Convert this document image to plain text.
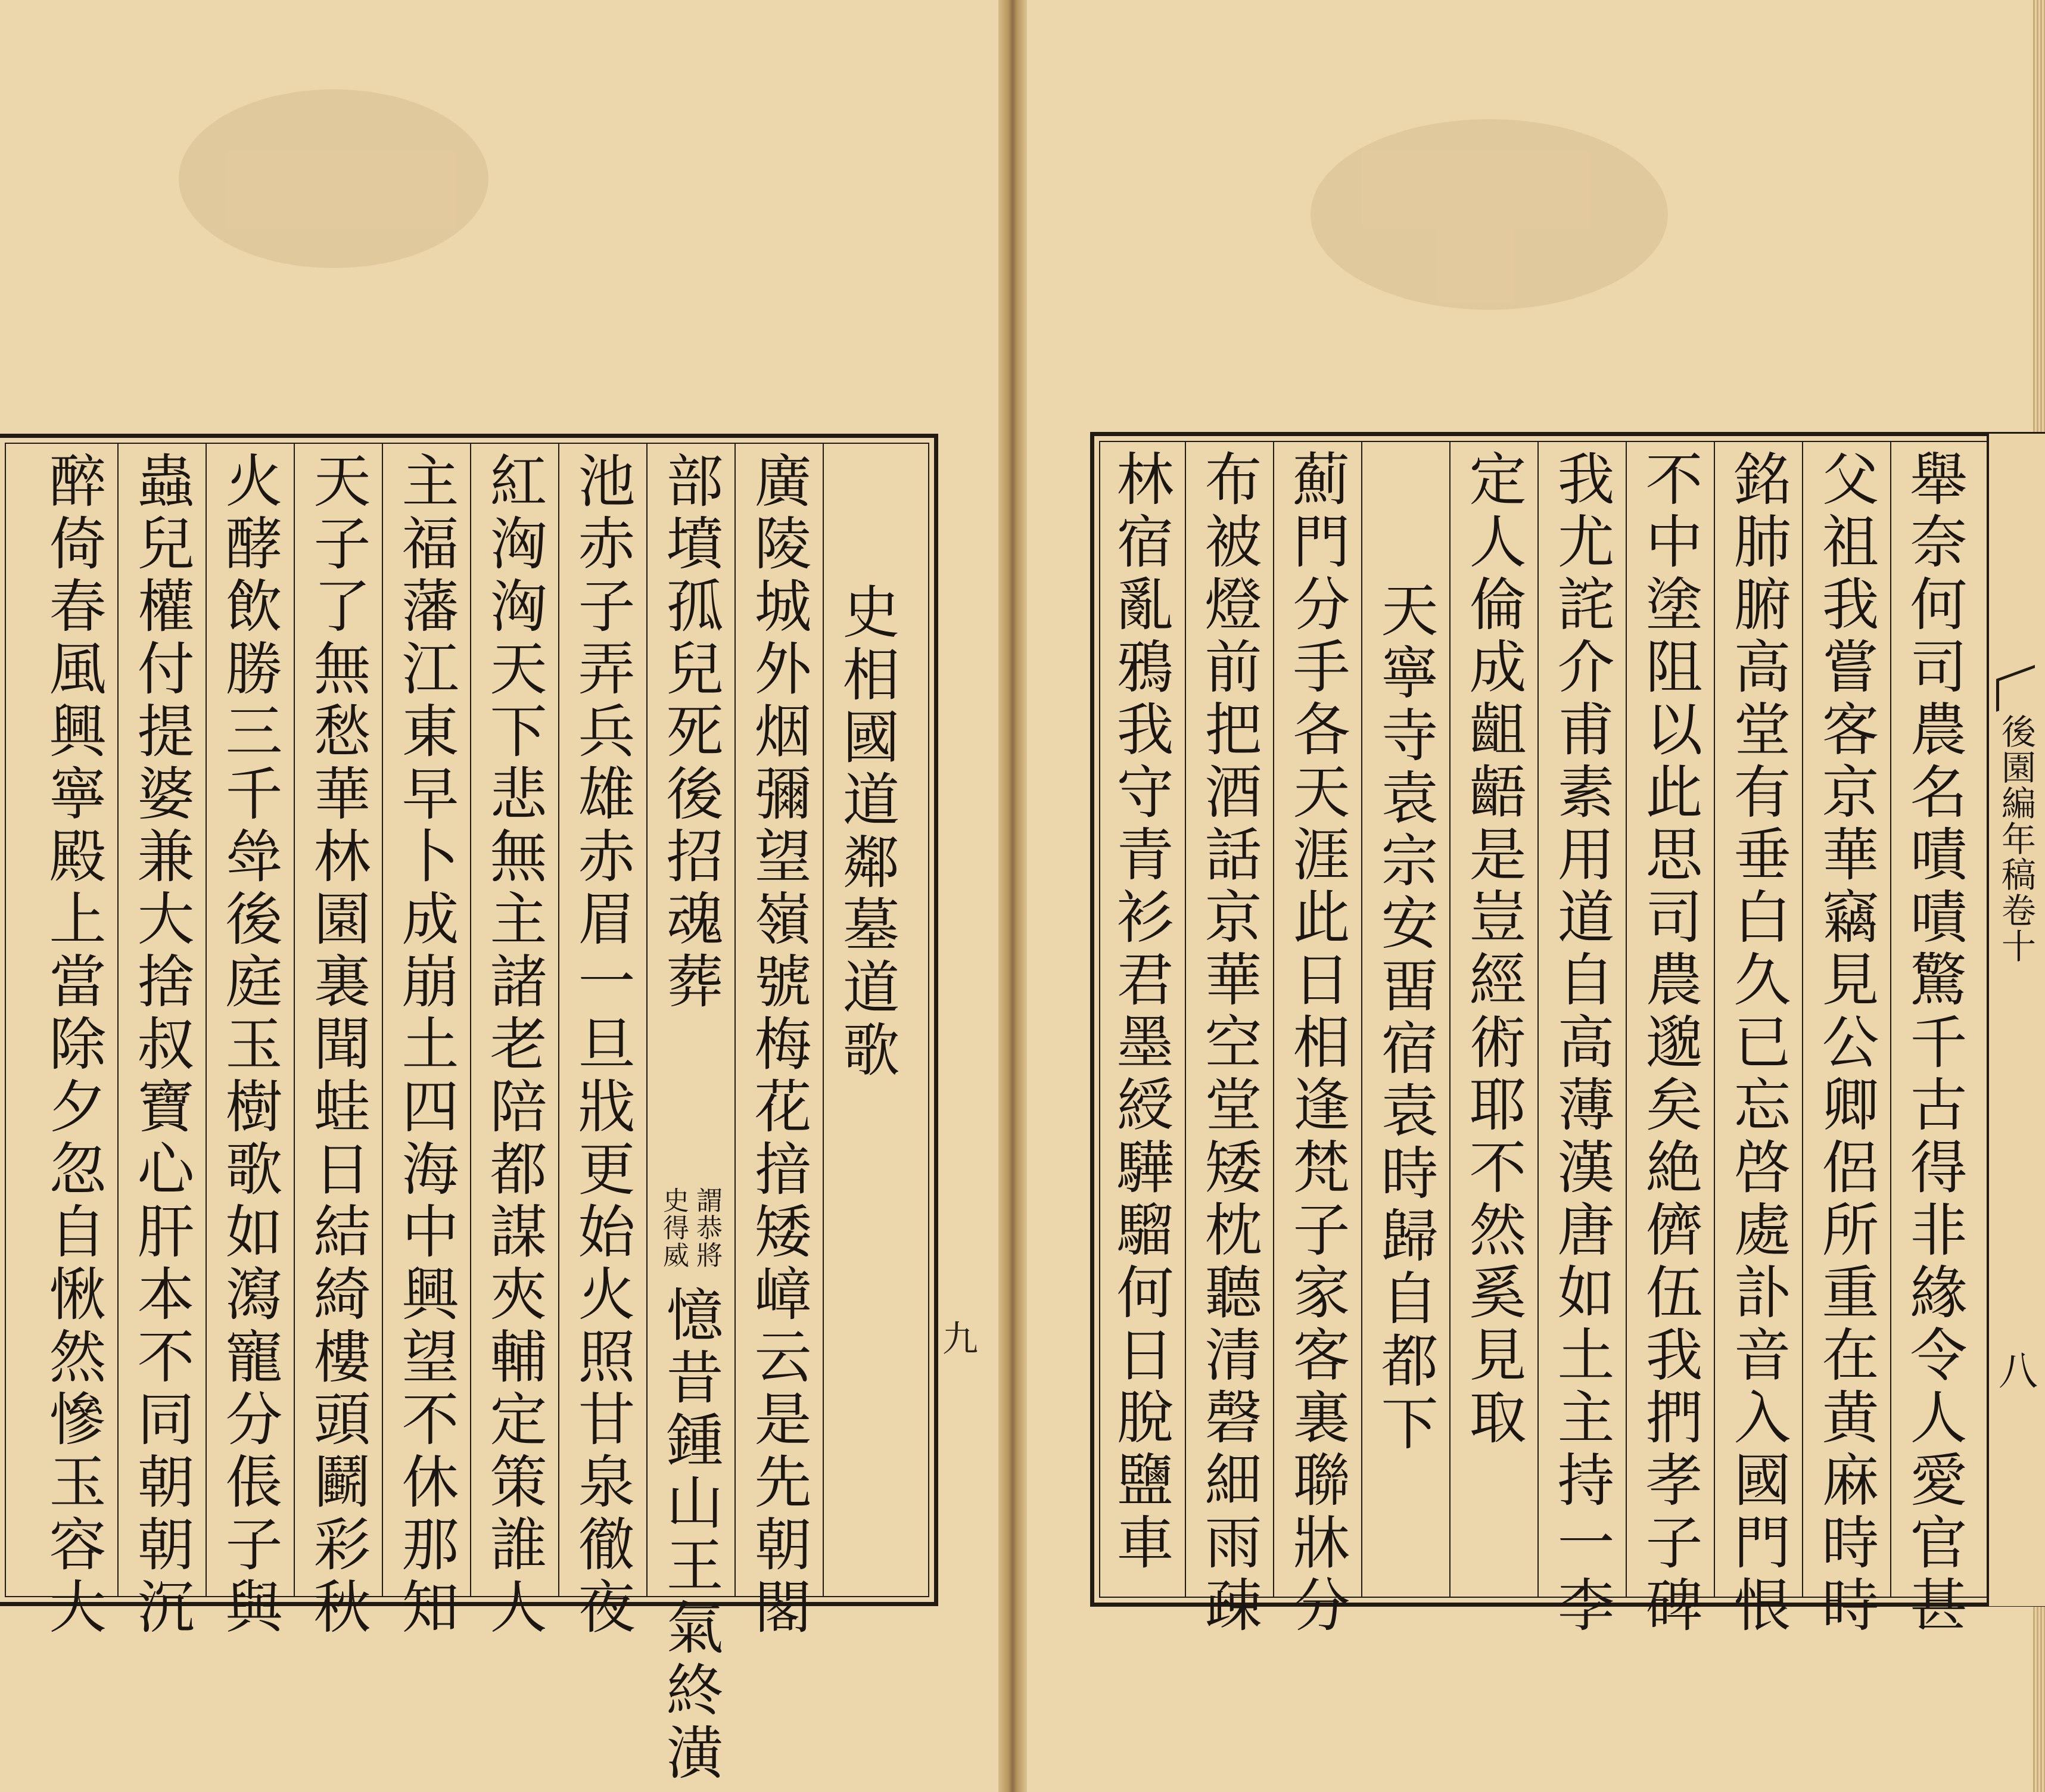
史相國道鄰墓道歌
廣陵城外烟彌望嶺號梅花揞矮嶂云是先朝閣
部墳孤兒死後招魂葬
謂恭將
史得威
憶昔鍾山王氣終潢
池赤子弄兵雄赤眉一旦戕更始火照甘泉徹夜
紅洶洶天下悲無主諸老陪都謀夾輔定策誰人
主福藩江東早卜成崩土四海中興望不休那知
天子了無愁華林園裏聞蛙日結綺樓頭鬬彩秋
火酵飲勝三千斚後庭玉樹歌如瀉寵分倀子與
蟲兒權付提婆兼大捨叔寶心肝本不同朝朝沉
醉倚春風興寧殿上當除夕忽自愀然慘玉容大	舉奈何司農名嘖嘖驚千古得非緣令人愛官甚
父祖我嘗客京華竊見公卿侶所重在黄麻時時
銘肺腑高堂有垂白久已忘啓處訃音入國門恨
不中塗阻以此思司農邈矣絶儕伍我捫孝子碑
我尤詫介甫素用道自高薄漢唐如土主持一李
定人倫成齟齬是豈經術耶不然奚見取
天寧寺袁宗安畱宿袁時歸自都下
薊門分手各天涯此日相逢梵子家客裏聯牀分
布被燈前把酒話京華空堂矮枕聽清磬細雨疎
林宿亂鴉我守青衫君墨綬驊騮何日脫鹽車	後園編年稿卷十
八
九
